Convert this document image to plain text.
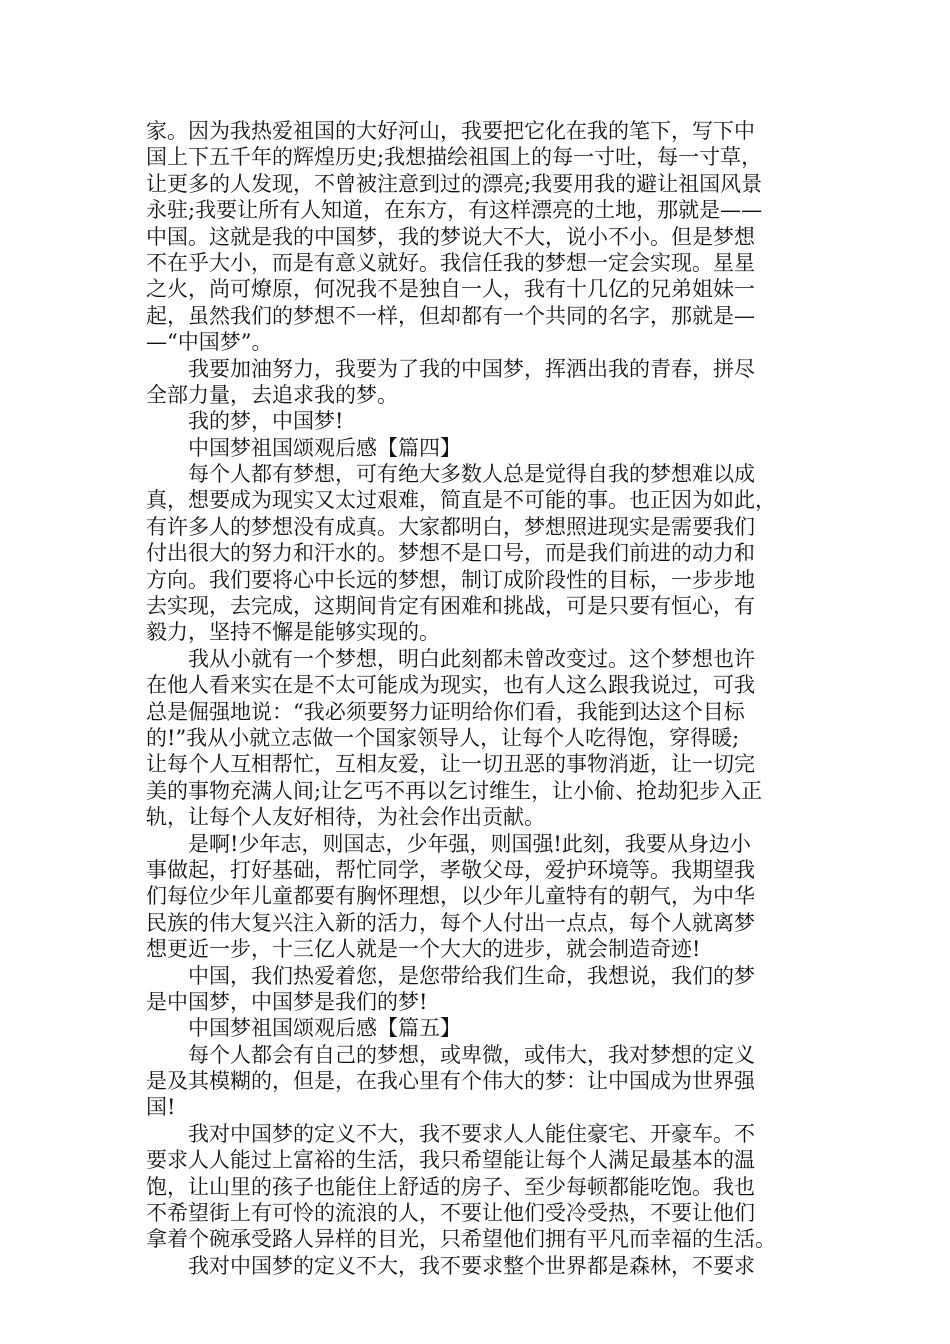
家。因为我热爱祖国的大好河山，我要把它化在我的笔下，写下中
国上下五千年的辉煌历史;我想描绘祖国上的每一寸吐，每一寸草，
让更多的人发现，不曾被注意到过的漂亮;我要用我的避让祖国风景
永驻;我要让所有人知道，在东方，有这样漂亮的土地，那就是——
中国。这就是我的中国梦，我的梦说大不大，说小不小。但是梦想
不在乎大小，而是有意义就好。我信任我的梦想一定会实现。星星
之火，尚可燎原，何况我不是独自一人，我有十几亿的兄弟姐妹一
起，虽然我们的梦想不一样，但却都有一个共同的名字，那就是—
—“中国梦”。
我要加油努力，我要为了我的中国梦，挥洒出我的青春，拼尽
全部力量，去追求我的梦。
我的梦，中国梦!
中国梦祖国颂观后感【篇四】
每个人都有梦想，可有绝大多数人总是觉得自我的梦想难以成
真，想要成为现实又太过艰难，简直是不可能的事。也正因为如此，
有许多人的梦想没有成真。大家都明白，梦想照进现实是需要我们
付出很大的努力和汗水的。梦想不是口号，而是我们前进的动力和
方向。我们要将心中长远的梦想，制订成阶段性的目标，一步步地
去实现，去完成，这期间肯定有困难和挑战，可是只要有恒心，有
毅力，坚持不懈是能够实现的。
我从小就有一个梦想，明白此刻都未曾改变过。这个梦想也许
在他人看来实在是不太可能成为现实，也有人这么跟我说过，可我
总是倔强地说：“我必须要努力证明给你们看，我能到达这个目标
的!”我从小就立志做一个国家领导人，让每个人吃得饱，穿得暖;
让每个人互相帮忙，互相友爱，让一切丑恶的事物消逝，让一切完
美的事物充满人间;让乞丐不再以乞讨维生，让小偷、抢劫犯步入正
轨，让每个人友好相待，为社会作出贡献。
是啊!少年志，则国志，少年强，则国强!此刻，我要从身边小
事做起，打好基础，帮忙同学，孝敬父母，爱护环境等。我期望我
们每位少年儿童都要有胸怀理想，以少年儿童特有的朝气，为中华
民族的伟大复兴注入新的活力，每个人付出一点点，每个人就离梦
想更近一步，十三亿人就是一个大大的进步，就会制造奇迹!
中国，我们热爱着您，是您带给我们生命，我想说，我们的梦
是中国梦，中国梦是我们的梦!
中国梦祖国颂观后感【篇五】
每个人都会有自己的梦想，或卑微，或伟大，我对梦想的定义
是及其模糊的，但是，在我心里有个伟大的梦：让中国成为世界强
国!
我对中国梦的定义不大，我不要求人人能住豪宅、开豪车。不
要求人人能过上富裕的生活，我只希望能让每个人满足最基本的温
饱，让山里的孩子也能住上舒适的房子、至少每顿都能吃饱。我也
不希望街上有可怜的流浪的人，不要让他们受冷受热，不要让他们
拿着个碗承受路人异样的目光，只希望他们拥有平凡而幸福的生活。
我对中国梦的定义不大，我不要求整个世界都是森林，不要求
